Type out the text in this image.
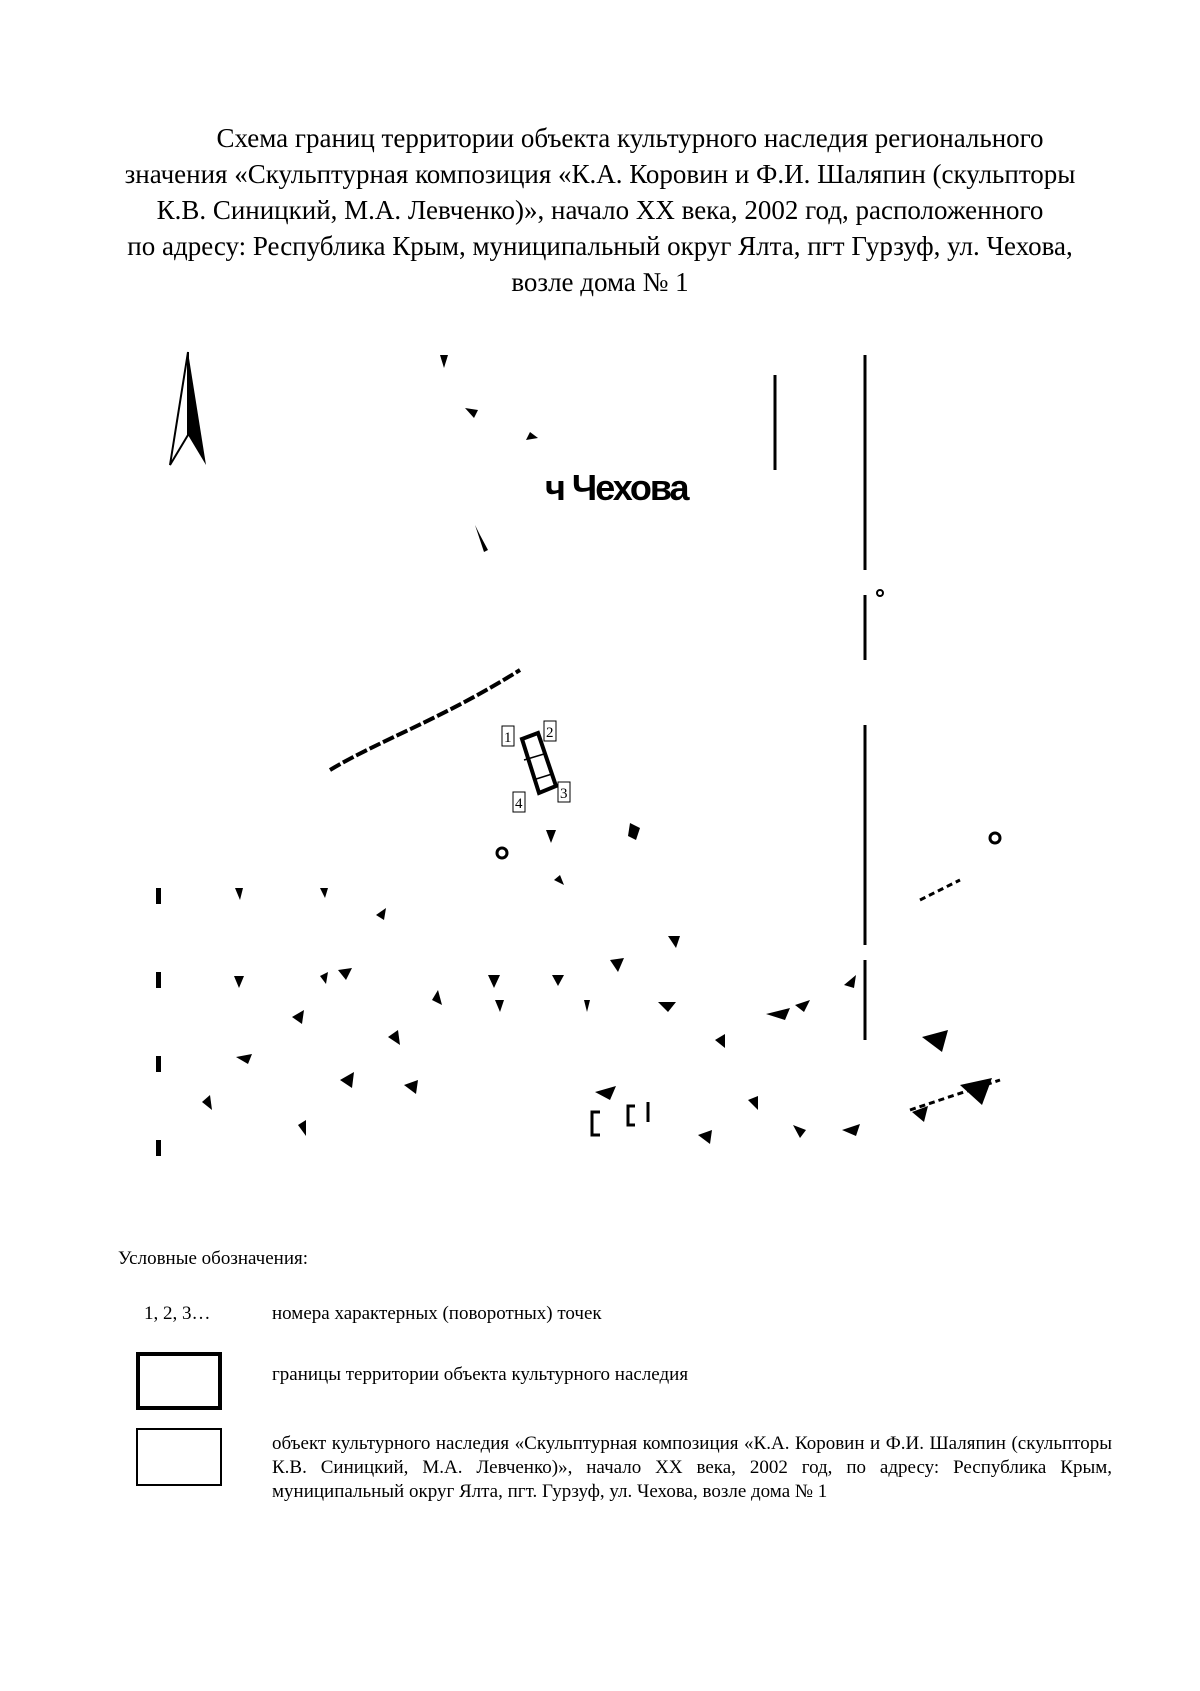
Схема границ территории объекта культурного наследия регионального
значения «Скульптурная композиция «К.А. Коровин и Ф.И. Шаляпин (скульпторы
К.В. Синицкий, М.А. Левченко)», начало XX века, 2002 год, расположенного
по адресу: Республика Крым, муниципальный округ Ялта, пгт Гурзуф, ул. Чехова,
возле дома № 1
ч Чехова
1 2
3
4
Условные обозначения:
1, 2, 3…	номера характерных (поворотных) точек
границы территории объекта культурного наследия
объект культурного наследия «Скульптурная композиция «К.А. Коровин и Ф.И. Шаляпин (скульпторы К.В. Синицкий, М.А. Левченко)», начало XX века, 2002 год, по адресу: Республика Крым, муниципальный округ Ялта, пгт. Гурзуф, ул. Чехова, возле дома № 1
